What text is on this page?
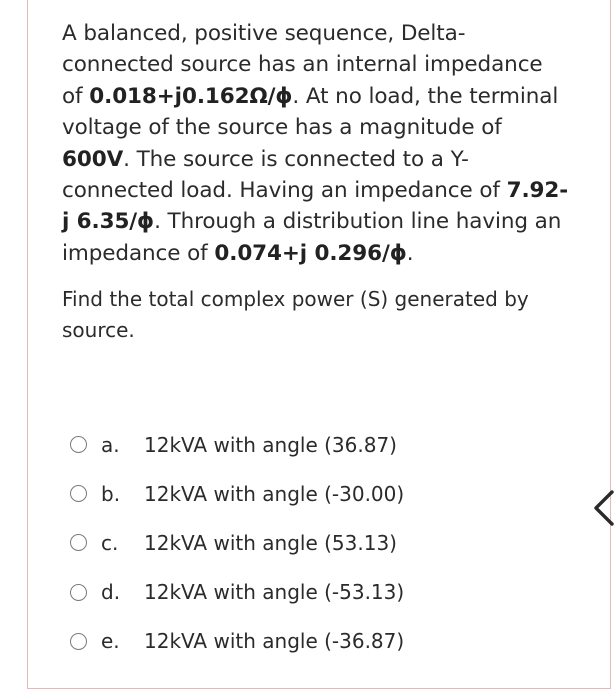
A balanced, positive sequence, Delta-

connected source has an internal impedance

of 0.018+j0.162Ω/ϕ. At no load, the terminal

voltage of the source has a magnitude of

600V. The source is connected to a Y-

connected load. Having an impedance of 7.92-

j 6.35/ϕ. Through a distribution line having an

impedance of 0.074+j 0.296/ϕ.

Find the total complex power (S) generated by
source.
a.	12kVA with angle (36.87)
b.	12kVA with angle (-30.00)
c.	12kVA with angle (53.13)
d.	12kVA with angle (-53.13)
e.	12kVA with angle (-36.87)
